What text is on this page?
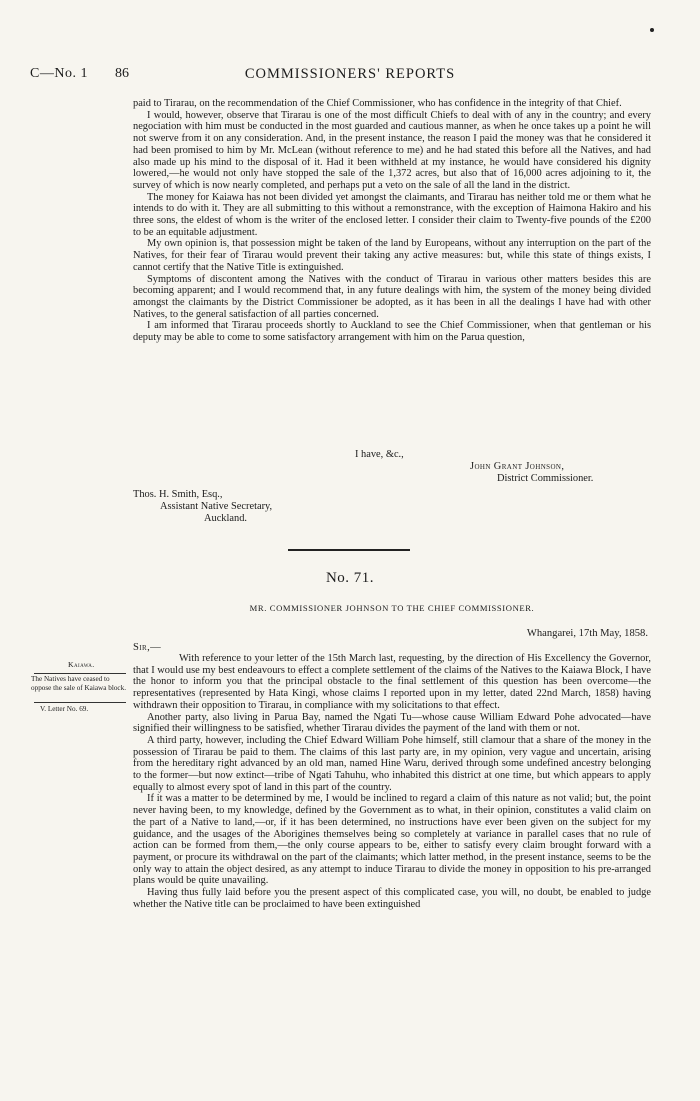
C—No. 1 86	COMMISSIONERS' REPORTS

paid to Tirarau, on the recommendation of the Chief Commissioner, who has confidence in the integrity of that Chief.

I would, however, observe that Tirarau is one of the most difficult Chiefs to deal with of any in the country; and every negociation with him must be conducted in the most guarded and cautious manner, as when he once takes up a point he will not swerve from it on any consideration. And, in the present instance, the reason I paid the money was that he considered it had been promised to him by Mr. McLean (without reference to me) and he had stated this before all the Natives, and had also made up his mind to the disposal of it. Had it been withheld at my instance, he would have considered his dignity lowered,—he would not only have stopped the sale of the 1,372 acres, but also that of 16,000 acres adjoining to it, the survey of which is now nearly completed, and perhaps put a veto on the sale of all the land in the district.

The money for Kaiawa has not been divided yet amongst the claimants, and Tirarau has neither told me or them what he intends to do with it. They are all submitting to this without a remonstrance, with the exception of Haimona Hakiro and his three sons, the eldest of whom is the writer of the enclosed letter. I consider their claim to Twenty-five pounds of the £200 to be an equitable adjustment.

My own opinion is, that possession might be taken of the land by Europeans, without any interruption on the part of the Natives, for their fear of Tirarau would prevent their taking any active measures: but, while this state of things exists, I cannot certify that the Native Title is extinguished.

Symptoms of discontent among the Natives with the conduct of Tirarau in various other matters besides this are becoming apparent; and I would recommend that, in any future dealings with him, the system of the money being divided amongst the claimants by the District Commissioner be adopted, as it has been in all the dealings I have had with other Natives, to the general satisfaction of all parties concerned.

I am informed that Tirarau proceeds shortly to Auckland to see the Chief Commissioner, when that gentleman or his deputy may be able to come to some satisfactory arrangement with him on the Parua question,

I have, &c.,
John Grant Johnson,
District Commissioner.
Thos. H. Smith, Esq.,
Assistant Native Secretary,
Auckland.
No. 71.
MR. COMMISSIONER JOHNSON TO THE CHIEF COMMISSIONER.
Whangarei, 17th May, 1858.
Sir,—
Kaiawa.
The Natives have ceased to oppose the sale of Kaiawa block.
V. Letter No. 69.

With reference to your letter of the 15th March last, requesting, by the direction of His Excellency the Governor, that I would use my best endeavours to effect a complete settlement of the claims of the Natives to the Kaiawa Block, I have the honor to inform you that the principal obstacle to the final settlement of this question has been overcome—the representatives (represented by Hata Kingi, whose claims I reported upon in my letter, dated 22nd March, 1858) having withdrawn their opposition to Tirarau, in compliance with my solicitations to that effect.

Another party, also living in Parua Bay, named the Ngati Tu—whose cause William Edward Pohe advocated—have signified their willingness to be satisfied, whether Tirarau divides the payment of the land with them or not.

A third party, however, including the Chief Edward William Pohe himself, still clamour that a share of the money in the possession of Tirarau be paid to them. The claims of this last party are, in my opinion, very vague and uncertain, arising from the hereditary right advanced by an old man, named Hine Waru, derived through some undefined ancestry belonging to the former—but now extinct—tribe of Ngati Tahuhu, who inhabited this district at one time, but which appears to apply equally to almost every spot of land in this part of the country.

If it was a matter to be determined by me, I would be inclined to regard a claim of this nature as not valid; but, the point never having been, to my knowledge, defined by the Government as to what, in their opinion, constitutes a valid claim on the part of a Native to land,—or, if it has been determined, no instructions have ever been given on the subject for my guidance, and the usages of the Aborigines themselves being so completely at variance in parallel cases that no rule of action can be formed from them,—the only course appears to be, either to satisfy every claim brought forward with a payment, or procure its withdrawal on the part of the claimants; which latter method, in the present instance, seems to be the only way to attain the object desired, as any attempt to induce Tirarau to divide the money in opposition to his pre-arranged plans would be quite unavailing.

Having thus fully laid before you the present aspect of this complicated case, you will, no doubt, be enabled to judge whether the Native title can be proclaimed to have been extinguished
